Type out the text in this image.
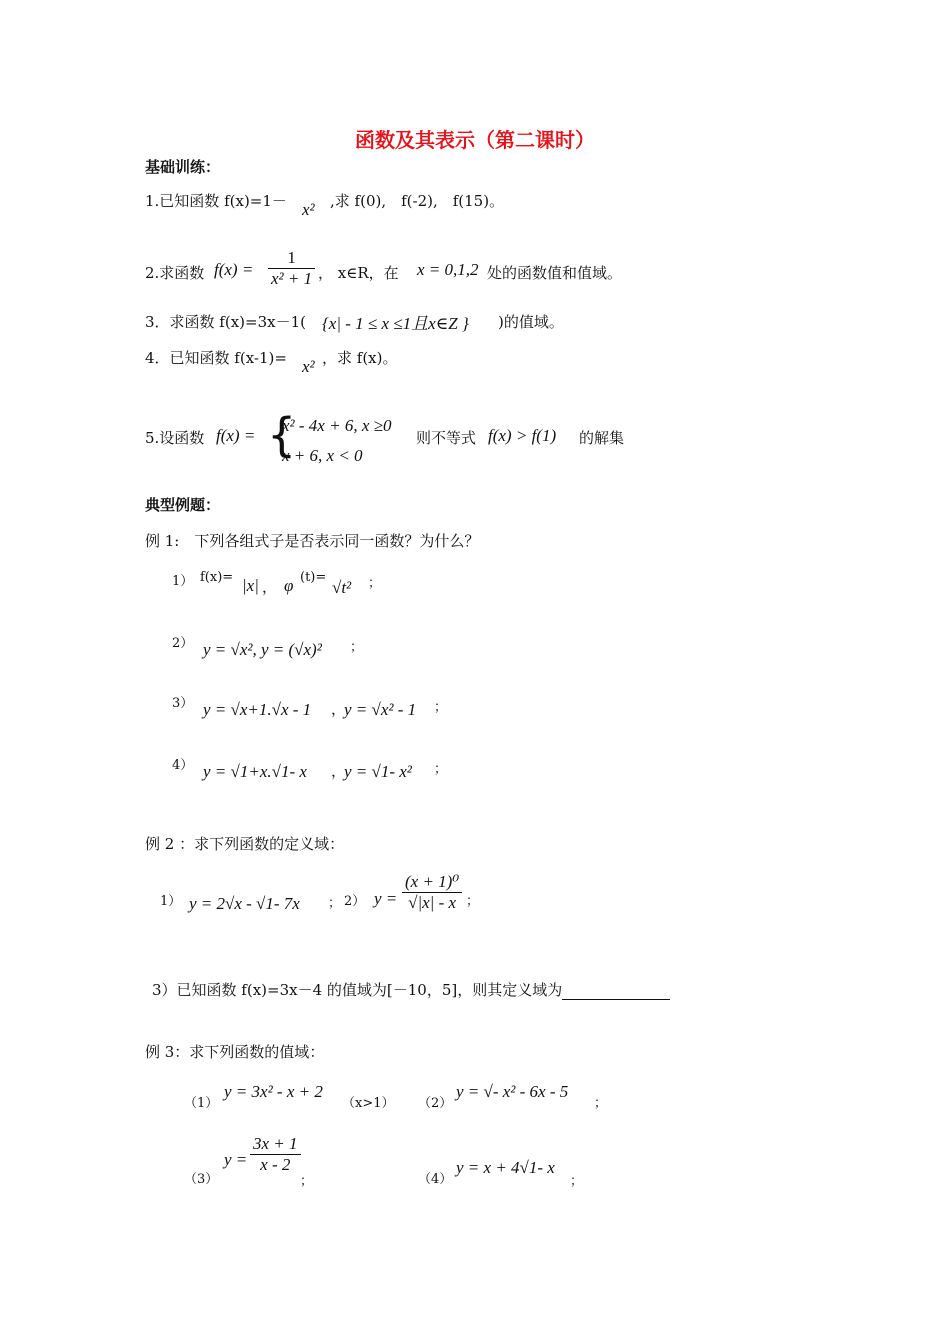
函数及其表示（第二课时）
基础训练：
1.已知函数 f(x)=1－ x² ,求 f(0),　f(-2),　f(15)。
2.求函数 $f(x) = \frac{1}{\text{x² + 1}}$ ， x∈R，在 x = 0,1,2 处的函数值和值域。
3．求函数 f(x)=3x－1( {x| - 1 ≤ x ≤1且x∈Z } )的值域。
4．已知函数 f(x-1)= x² ，求 f(x)。
5.设函数 f(x) = {
x² - 4x + 6, x ≥0
x + 6, x < 0
则不等式 f(x) > f(1) 的解集
典型例题：
例 1:　下列各组式子是否表示同一函数？为什么？
1） f(x)= |x| ， φ (t)=
√t² ；
2） y = √x², y = (√x)² ；
3） y = √x+1.√x - 1 ，
y = √x² - 1 ；
4） y = √1+x.√1- x ，
y = √1- x² ；
例 2 ：求下列函数的定义域：
1） y = 2√x - √1- 7x ； 2） $y = \frac{\text{(x + 1)⁰}}{√|x| - x}$ ；
3）已知函数 f(x)=3x－4 的值域为[－10，5]，则其定义域为
例 3：求下列函数的值域：
（1）
y = 3x² - x + 2
（x>1） （2）
y = √- x² - 6x - 5
；
（3）
$y = \frac{3x + 1}{x - 2}$
；	（4）
y = x + 4√1- x
；
